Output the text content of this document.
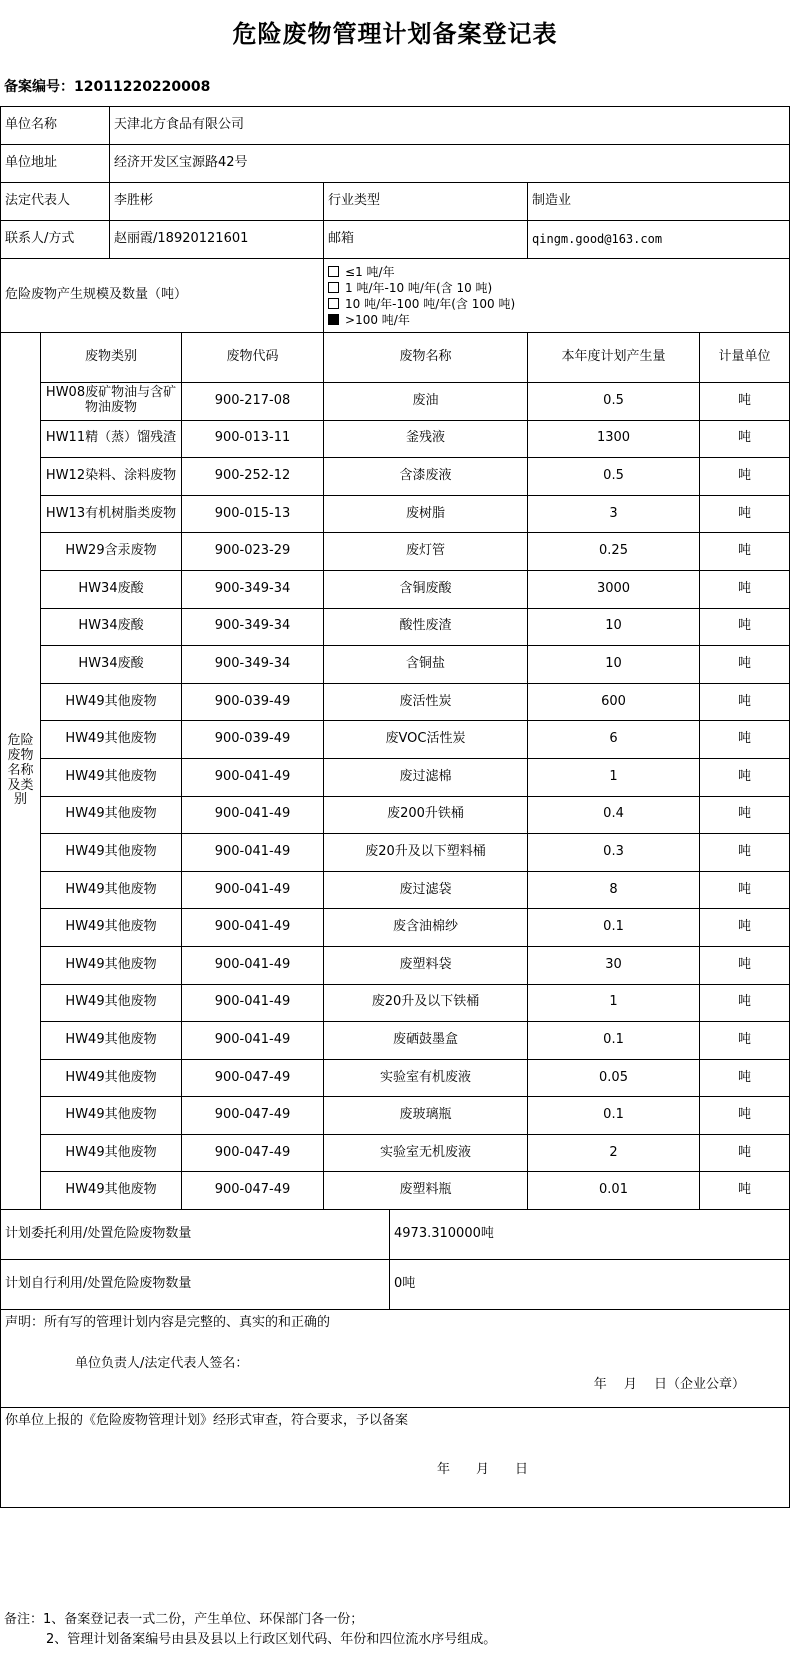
危险废物管理计划备案登记表
备案编号：12011220220008
单位名称		天津北方食品有限公司					
单位地址		经济开发区宝源路42号					
法定代表人		李胜彬		行业类型		制造业	
联系人/方式		赵丽霞/18920121601		邮箱		qingm.good@163.com	
危险废物产生规模及数量（吨）				≤1 吨/年
1 吨/年-10 吨/年(含 10 吨)
10 吨/年-100 吨/年(含 100 吨)
>100 吨/年			

危险废物名称及类别	废物类别		废物代码	废物名称		本年度计划产生量	计量单位
	HW08废矿物油与含矿物油废物		900-217-08	废油		0.5	吨
	HW11精（蒸）馏残渣		900-013-11	釜残液		1300	吨
	HW12染料、涂料废物		900-252-12	含漆废液		0.5	吨
	HW13有机树脂类废物		900-015-13	废树脂		3	吨
	HW29含汞废物		900-023-29	废灯管		0.25	吨
	HW34废酸		900-349-34	含铜废酸		3000	吨
	HW34废酸		900-349-34	酸性废渣		10	吨
	HW34废酸		900-349-34	含铜盐		10	吨
	HW49其他废物		900-039-49	废活性炭		600	吨
	HW49其他废物		900-039-49	废VOC活性炭		6	吨
	HW49其他废物		900-041-49	废过滤棉		1	吨
	HW49其他废物		900-041-49	废200升铁桶		0.4	吨
	HW49其他废物		900-041-49	废20升及以下塑料桶		0.3	吨
	HW49其他废物		900-041-49	废过滤袋		8	吨
	HW49其他废物		900-041-49	废含油棉纱		0.1	吨
	HW49其他废物		900-041-49	废塑料袋		30	吨
	HW49其他废物		900-041-49	废20升及以下铁桶		1	吨
	HW49其他废物		900-041-49	废硒鼓墨盒		0.1	吨
	HW49其他废物		900-047-49	实验室有机废液		0.05	吨
	HW49其他废物		900-047-49	废玻璃瓶		0.1	吨
	HW49其他废物		900-047-49	实验室无机废液		2	吨
	HW49其他废物		900-047-49	废塑料瓶		0.01	吨
计划委托利用/处置危险废物数量					4973.310000吨		
计划自行利用/处置危险废物数量					0吨		

声明：所有写的管理计划内容是完整的、真实的和正确的
单位负责人/法定代表人签名：
年　 月　 日（企业公章）							

你单位上报的《危险废物管理计划》经形式审查，符合要求，予以备案
年　　月　　日							
备注：1、备案登记表一式二份，产生单位、环保部门各一份；
2、管理计划备案编号由县及县以上行政区划代码、年份和四位流水序号组成。
